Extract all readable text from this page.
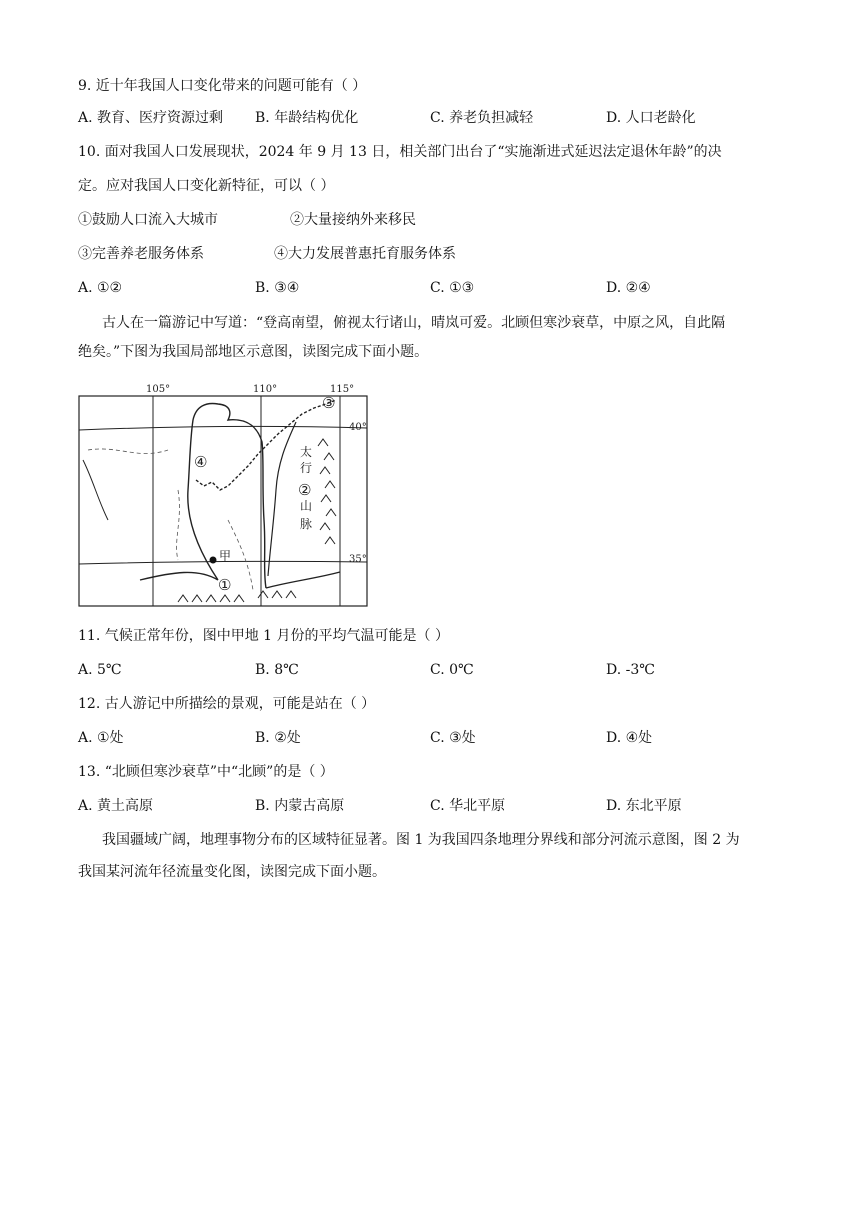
9. 近十年我国人口变化带来的问题可能有（ ）
A. 教育、医疗资源过剩 B. 年龄结构优化	C. 养老负担减轻	D. 人口老龄化
10. 面对我国人口发展现状，2024 年 9 月 13 日，相关部门出台了“实施渐进式延迟法定退休年龄”的决
定。应对我国人口变化新特征，可以（ ）
①鼓励人口流入大城市	②大量接纳外来移民
③完善养老服务体系	④大力发展普惠托育服务体系
A. ①②	B. ③④	C. ①③	D. ②④
古人在一篇游记中写道：“登高南望，俯视太行诸山，晴岚可爱。北顾但寒沙衰草，中原之风，自此隔
绝矣。”下图为我国局部地区示意图，读图完成下面小题。
105°	110°	115°
40°
35°
太
行
山
脉
①
②
③
④
甲
11. 气候正常年份，图中甲地 1 月份的平均气温可能是（ ）
A. 5℃	B. 8℃	C. 0℃	D. -3℃
12. 古人游记中所描绘的景观，可能是站在（ ）
A. ①处	B. ②处	C. ③处	D. ④处
13. “北顾但寒沙衰草”中“北顾”的是（ ）
A. 黄土高原	B. 内蒙古高原	C. 华北平原	D. 东北平原
我国疆域广阔，地理事物分布的区域特征显著。图 1 为我国四条地理分界线和部分河流示意图，图 2 为
我国某河流年径流量变化图，读图完成下面小题。
